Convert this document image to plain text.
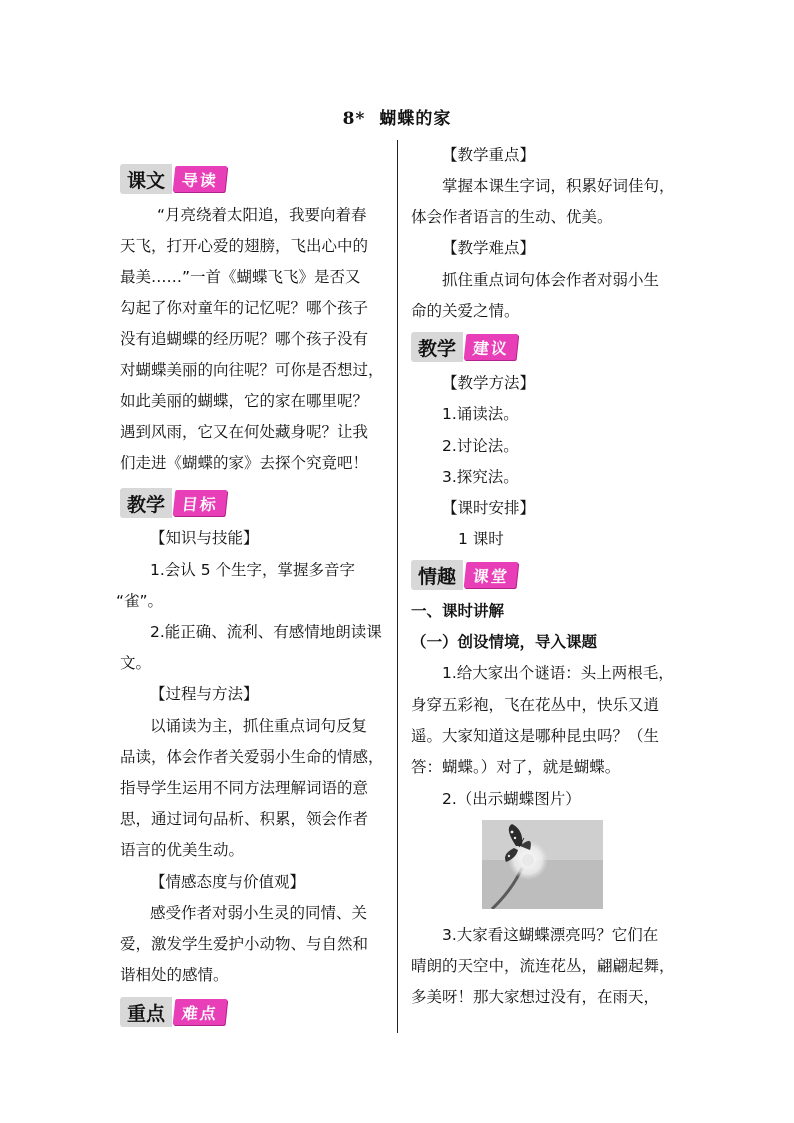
8* 蝴蝶的家
课文 导读
“月亮绕着太阳追，我要向着春
天飞，打开心爱的翅膀，飞出心中的
最美……”一首《蝴蝶飞飞》是否又
勾起了你对童年的记忆呢？哪个孩子
没有追蝴蝶的经历呢？哪个孩子没有
对蝴蝶美丽的向往呢？可你是否想过，
如此美丽的蝴蝶，它的家在哪里呢？
遇到风雨，它又在何处藏身呢？让我
们走进《蝴蝶的家》去探个究竟吧！
教学 目标
【知识与技能】
1.会认 5 个生字，掌握多音字
“雀”。
2.能正确、流利、有感情地朗读课
文。
【过程与方法】
以诵读为主，抓住重点词句反复
品读，体会作者关爱弱小生命的情感，
指导学生运用不同方法理解词语的意
思，通过词句品析、积累，领会作者
语言的优美生动。
【情感态度与价值观】
感受作者对弱小生灵的同情、关
爱，激发学生爱护小动物、与自然和
谐相处的感情。
重点 难点
【教学重点】
掌握本课生字词，积累好词佳句，
体会作者语言的生动、优美。
【教学难点】
抓住重点词句体会作者对弱小生
命的关爱之情。
教学 建议
【教学方法】
1.诵读法。
2.讨论法。
3.探究法。
【课时安排】
1 课时
情趣 课堂
一、课时讲解
（一）创设情境，导入课题
1.给大家出个谜语：头上两根毛，
身穿五彩袍，飞在花丛中，快乐又逍
遥。大家知道这是哪种昆虫吗？（生
答：蝴蝶。）对了，就是蝴蝶。
2.（出示蝴蝶图片）
3.大家看这蝴蝶漂亮吗？它们在
晴朗的天空中，流连花丛，翩翩起舞，
多美呀！那大家想过没有，在雨天，
